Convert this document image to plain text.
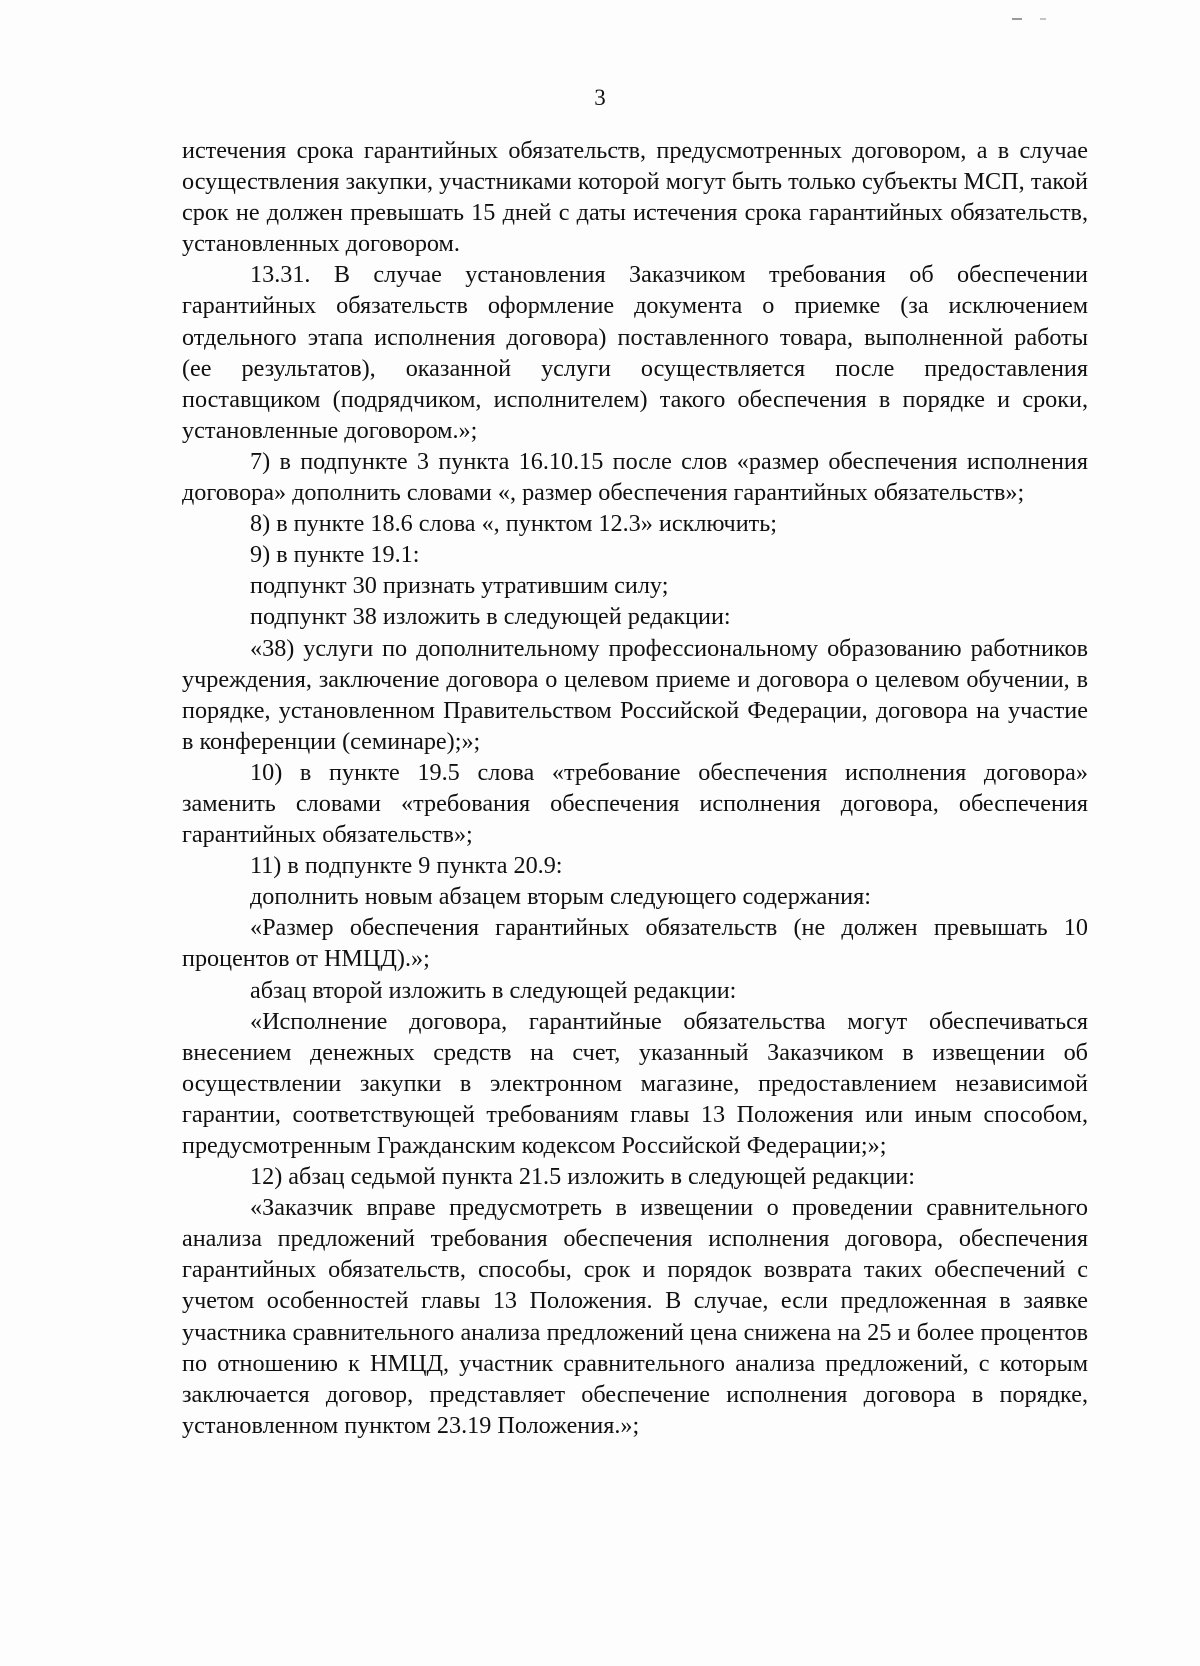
3

истечения срока гарантийных обязательств, предусмотренных договором, а в случае осуществления закупки, участниками которой могут быть только субъекты МСП, такой срок не должен превышать 15 дней с даты истечения срока гарантийных обязательств, установленных договором.

13.31. В случае установления Заказчиком требования об обеспечении гарантийных обязательств оформление документа о приемке (за исключением отдельного этапа исполнения договора) поставленного товара, выполненной работы (ее результатов), оказанной услуги осуществляется после предоставления поставщиком (подрядчиком, исполнителем) такого обеспечения в порядке и сроки, установленные договором.»;

7) в подпункте 3 пункта 16.10.15 после слов «размер обеспечения исполнения договора» дополнить словами «, размер обеспечения гарантийных обязательств»;

8) в пункте 18.6 слова «, пунктом 12.3» исключить;

9) в пункте 19.1:

подпункт 30 признать утратившим силу;

подпункт 38 изложить в следующей редакции:

«38) услуги по дополнительному профессиональному образованию работников учреждения, заключение договора о целевом приеме и договора о целевом обучении, в порядке, установленном Правительством Российской Федерации, договора на участие в конференции (семинаре);»;

10) в пункте 19.5 слова «требование обеспечения исполнения договора» заменить словами «требования обеспечения исполнения договора, обеспечения гарантийных обязательств»;

11) в подпункте 9 пункта 20.9:

дополнить новым абзацем вторым следующего содержания:

«Размер обеспечения гарантийных обязательств (не должен превышать 10 процентов от НМЦД).»;

абзац второй изложить в следующей редакции:

«Исполнение договора, гарантийные обязательства могут обеспечиваться внесением денежных средств на счет, указанный Заказчиком в извещении об осуществлении закупки в электронном магазине, предоставлением независимой гарантии, соответствующей требованиям главы 13 Положения или иным способом, предусмотренным Гражданским кодексом Российской Федерации;»;

12) абзац седьмой пункта 21.5 изложить в следующей редакции:

«Заказчик вправе предусмотреть в извещении о проведении сравнительного анализа предложений требования обеспечения исполнения договора, обеспечения гарантийных обязательств, способы, срок и порядок возврата таких обеспечений с учетом особенностей главы 13 Положения. В случае, если предложенная в заявке участника сравнительного анализа предложений цена снижена на 25 и более процентов по отношению к НМЦД, участник сравнительного анализа предложений, с которым заключается договор, представляет обеспечение исполнения договора в порядке, установленном пунктом 23.19 Положения.»;
